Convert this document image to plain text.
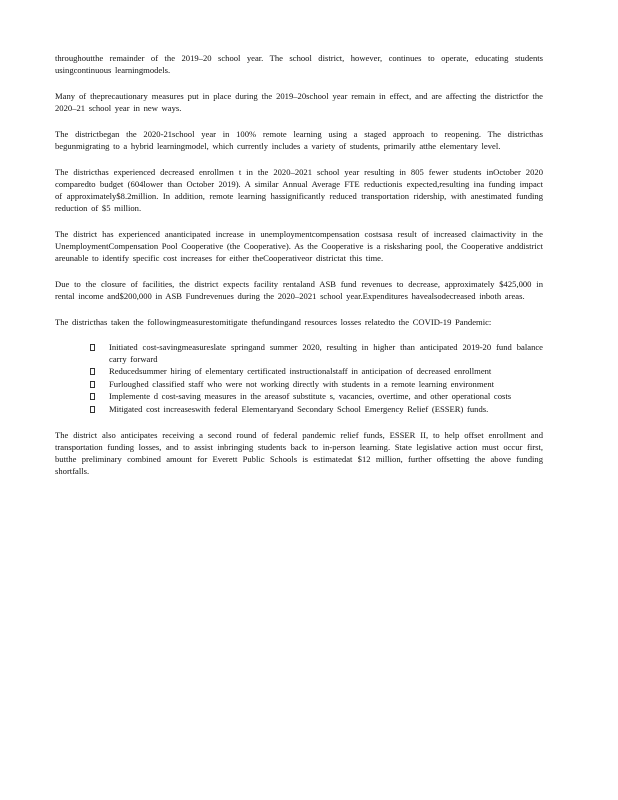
throughoutthe remainder of the 2019–20 school year. The school district, however, continues to operate, educating students usingcontinuous learningmodels.

Many of theprecautionary measures put in place during the 2019–20school year remain in effect, and are affecting the districtfor the 2020–21 school year in new ways.

The districtbegan the 2020-21school year in 100% remote learning using a staged approach to reopening. The districthas begunmigrating to a hybrid learningmodel, which currently includes a variety of students, primarily atthe elementary level.

The districthas experienced decreased enrollmen t in the 2020–2021 school year resulting in 805 fewer students inOctober 2020 comparedto budget (604lower than October 2019). A similar Annual Average FTE reductionis expected,resulting ina funding impact of approximately$8.2million. In addition, remote learning hassignificantly reduced transportation ridership, with anestimated funding reduction of $5 million.

The district has experienced ananticipated increase in unemploymentcompensation costsasa result of increased claimactivity in the UnemploymentCompensation Pool Cooperative (the Cooperative). As the Cooperative is a risksharing pool, the Cooperative anddistrict areunable to identify specific cost increases for either theCooperativeor districtat this time.

Due to the closure of facilities, the district expects facility rentaland ASB fund revenues to decrease, approximately $425,000 in rental income and$200,000 in ASB Fundrevenues during the 2020–2021 school year.Expenditures havealsodecreased inboth areas.

The districthas taken the followingmeasurestomitigate thefundingand resources losses relatedto the COVID-19 Pandemic:

Initiated cost-savingmeasureslate springand summer 2020, resulting in higher than anticipated 2019-20 fund balance carry forward
Reducedsummer hiring of elementary certificated instructionalstaff in anticipation of decreased enrollment
Furloughed classified staff who were not working directly with students in a remote learning environment
Implemente d cost-saving measures in the areasof substitute s, vacancies, overtime, and other operational costs
Mitigated cost increaseswith federal Elementaryand Secondary School Emergency Relief (ESSER) funds.

The district also anticipates receiving a second round of federal pandemic relief funds, ESSER II, to help offset enrollment and transportation funding losses, and to assist inbringing students back to in-person learning. State legislative action must occur first, butthe preliminary combined amount for Everett Public Schools is estimatedat $12 million, further offsetting the above funding shortfalls.
